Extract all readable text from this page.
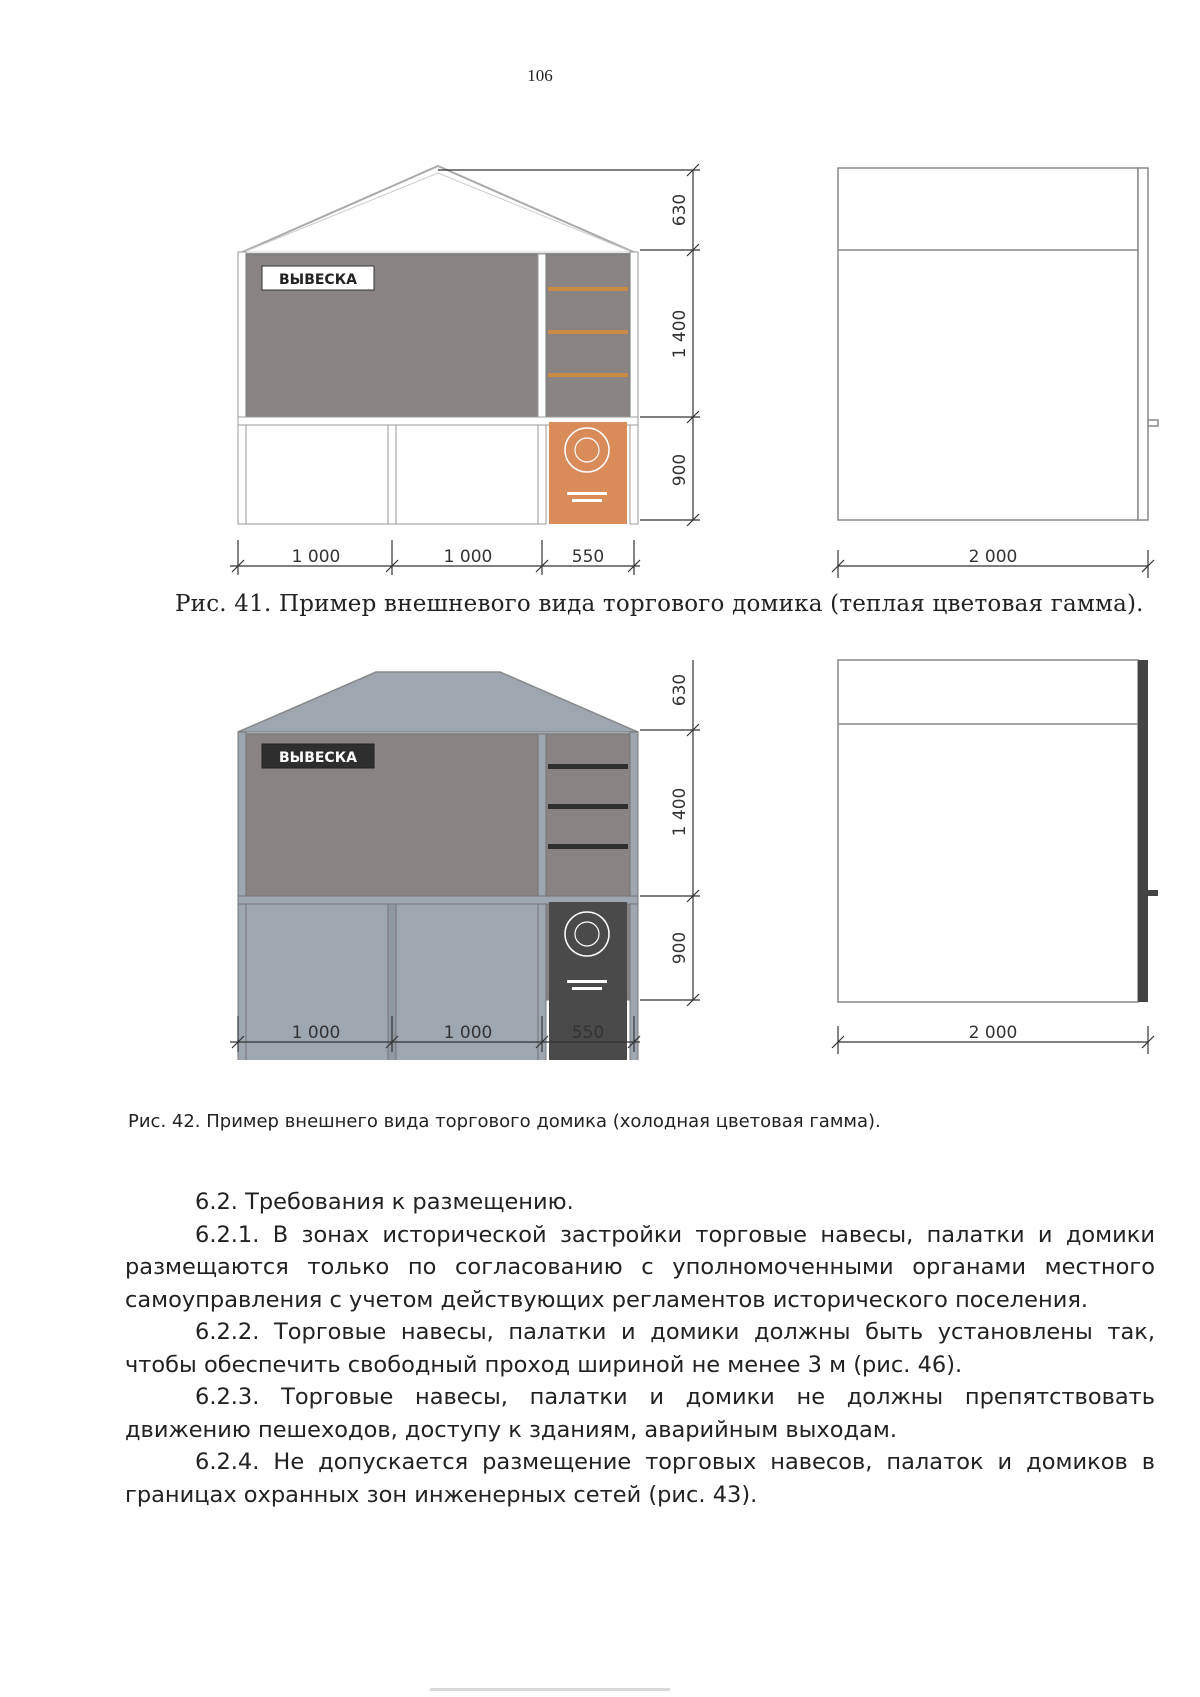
106
ВЫВЕСКА
630
1 400
900
1 000	1 000	550	2 000
Рис. 41. Пример внешневого вида торгового домика (теплая цветовая гамма).
ВЫВЕСКА
630
1 400
900
1 000	1 000	550	2 000
Рис. 42. Пример внешнего вида торгового домика (холодная цветовая гамма).

6.2. Требования к размещению.

6.2.1. В зонах исторической застройки торговые навесы, палатки и домики размещаются только по согласованию с уполномоченными органами местного самоуправления с учетом действующих регламентов исторического поселения.

6.2.2. Торговые навесы, палатки и домики должны быть установлены так, чтобы обеспечить свободный проход шириной не менее 3 м (рис. 46).

6.2.3. Торговые навесы, палатки и домики не должны препятствовать движению пешеходов, доступу к зданиям, аварийным выходам.

6.2.4. Не допускается размещение торговых навесов, палаток и домиков в границах охранных зон инженерных сетей (рис. 43).
